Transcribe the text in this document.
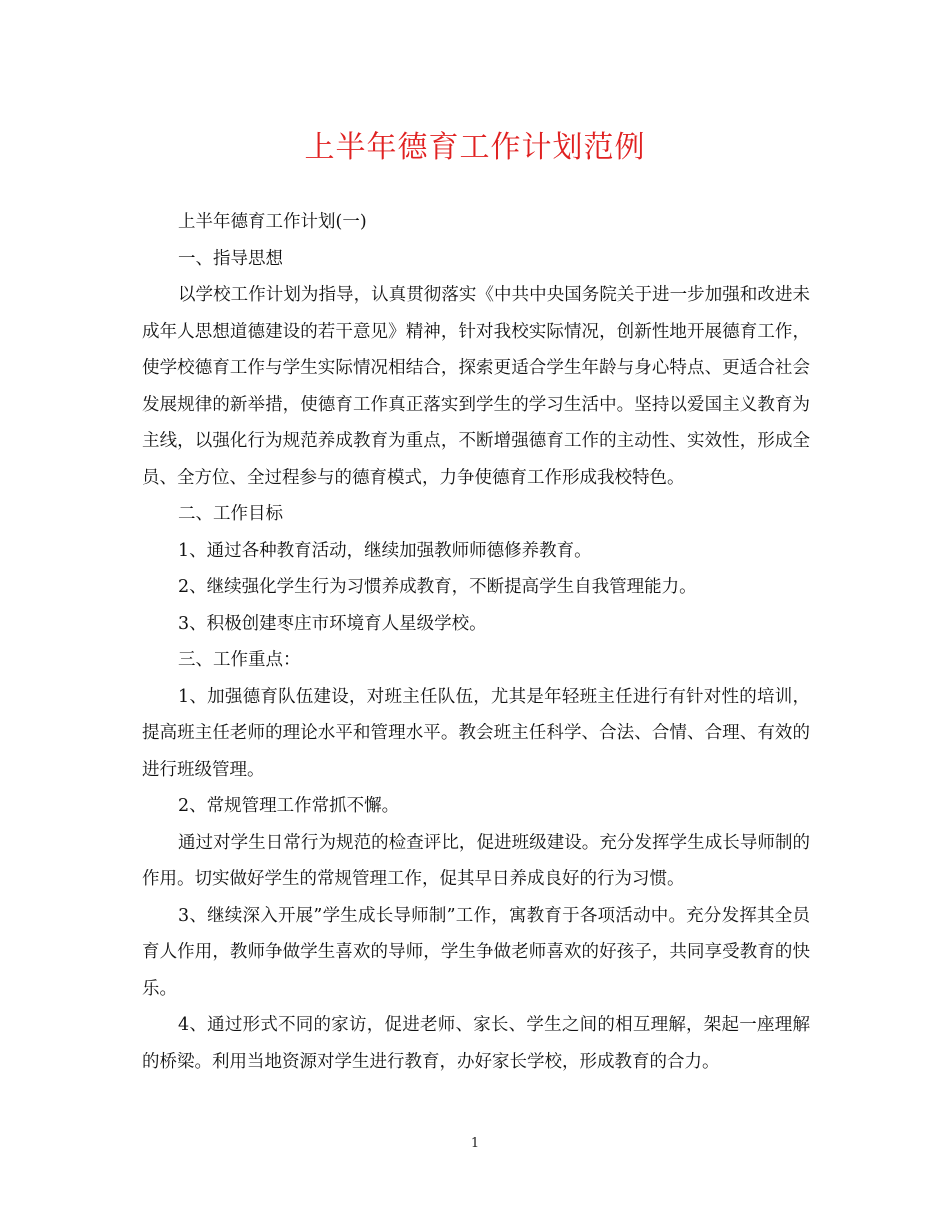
上半年德育工作计划范例

上半年德育工作计划(一)

一、指导思想

以学校工作计划为指导，认真贯彻落实《中共中央国务院关于进一步加强和改进未成年人思想道德建设的若干意见》精神，针对我校实际情况，创新性地开展德育工作，使学校德育工作与学生实际情况相结合，探索更适合学生年龄与身心特点、更适合社会发展规律的新举措，使德育工作真正落实到学生的学习生活中。坚持以爱国主义教育为主线，以强化行为规范养成教育为重点，不断增强德育工作的主动性、实效性，形成全员、全方位、全过程参与的德育模式，力争使德育工作形成我校特色。

二、工作目标

1、通过各种教育活动，继续加强教师师德修养教育。

2、继续强化学生行为习惯养成教育，不断提高学生自我管理能力。

3、积极创建枣庄市环境育人星级学校。

三、工作重点：

1、加强德育队伍建设，对班主任队伍，尤其是年轻班主任进行有针对性的培训，提高班主任老师的理论水平和管理水平。教会班主任科学、合法、合情、合理、有效的进行班级管理。

2、常规管理工作常抓不懈。

通过对学生日常行为规范的检查评比，促进班级建设。充分发挥学生成长导师制的作用。切实做好学生的常规管理工作，促其早日养成良好的行为习惯。

3、继续深入开展”学生成长导师制”工作，寓教育于各项活动中。充分发挥其全员育人作用，教师争做学生喜欢的导师，学生争做老师喜欢的好孩子，共同享受教育的快乐。

4、通过形式不同的家访，促进老师、家长、学生之间的相互理解，架起一座理解的桥梁。利用当地资源对学生进行教育，办好家长学校，形成教育的合力。

1
